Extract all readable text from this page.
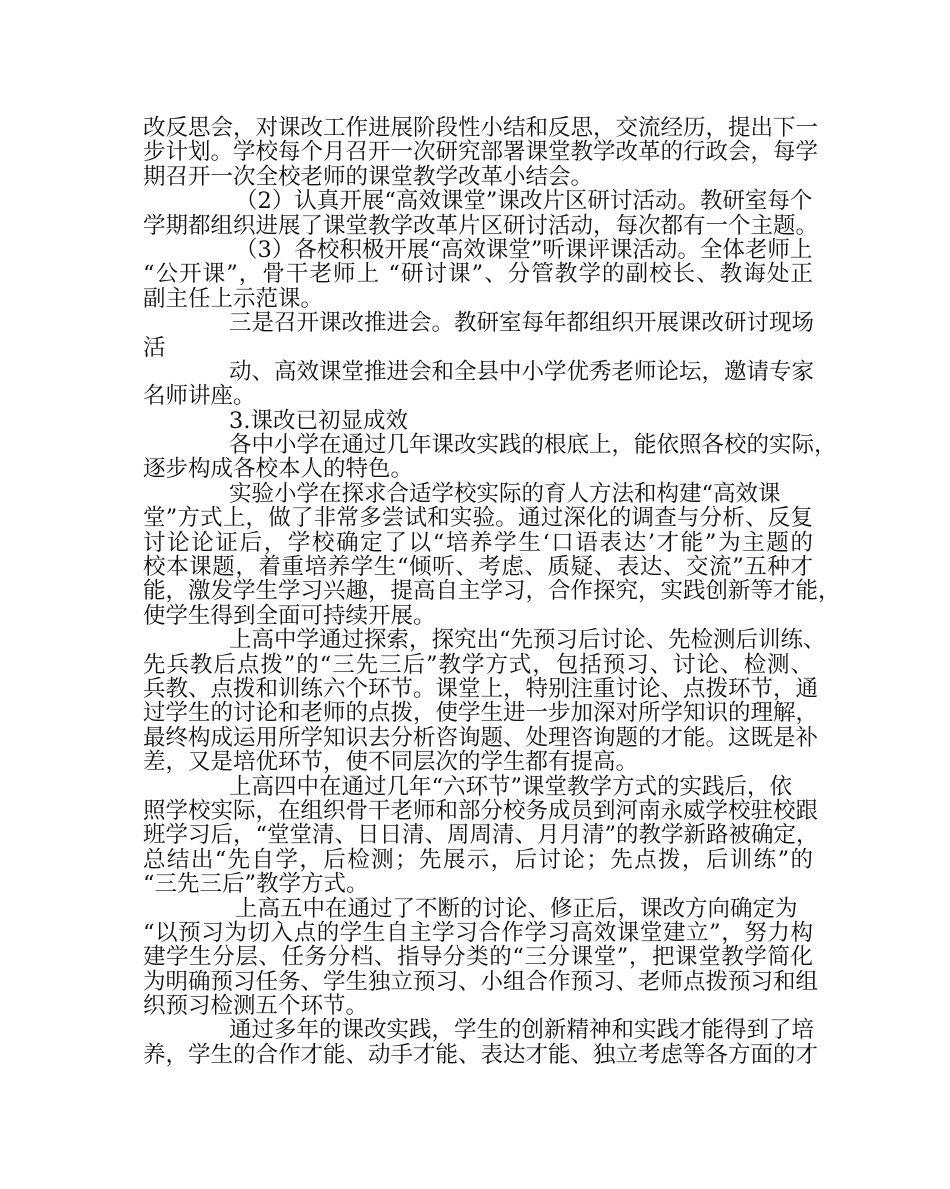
改反思会，对课改工作进展阶段性小结和反思，交流经历，提出下一
步计划。学校每个月召开一次研究部署课堂教学改革的行政会，每学
期召开一次全校老师的课堂教学改革小结会。
（2）认真开展“高效课堂”课改片区研讨活动。教研室每个
学期都组织进展了课堂教学改革片区研讨活动，每次都有一个主题。
（3）各校积极开展“高效课堂”听课评课活动。全体老师上
“公开课”，骨干老师上 “研讨课”、分管教学的副校长、教诲处正
副主任上示范课。
三是召开课改推进会。教研室每年都组织开展课改研讨现场
活
动、高效课堂推进会和全县中小学优秀老师论坛，邀请专家
名师讲座。
3.课改已初显成效
各中小学在通过几年课改实践的根底上，能依照各校的实际，
逐步构成各校本人的特色。
实验小学在探求合适学校实际的育人方法和构建“高效课
堂”方式上，做了非常多尝试和实验。通过深化的调查与分析、反复
讨论论证后，学校确定了以“培养学生‘口语表达’才能”为主题的
校本课题，着重培养学生“倾听、考虑、质疑、表达、交流”五种才
能，激发学生学习兴趣，提高自主学习，合作探究，实践创新等才能，
使学生得到全面可持续开展。
上高中学通过探索，探究出“先预习后讨论、先检测后训练、
先兵教后点拨”的“三先三后”教学方式，包括预习、讨论、检测、
兵教、点拨和训练六个环节。课堂上，特别注重讨论、点拨环节，通
过学生的讨论和老师的点拨，使学生进一步加深对所学知识的理解，
最终构成运用所学知识去分析咨询题、处理咨询题的才能。这既是补
差，又是培优环节，使不同层次的学生都有提高。
上高四中在通过几年“六环节”课堂教学方式的实践后，依
照学校实际，在组织骨干老师和部分校务成员到河南永威学校驻校跟
班学习后，“堂堂清、日日清、周周清、月月清”的教学新路被确定，
总结出“先自学，后检测；先展示，后讨论；先点拨，后训练”的
“三先三后”教学方式。
上高五中在通过了不断的讨论、修正后，课改方向确定为
“以预习为切入点的学生自主学习合作学习高效课堂建立”，努力构
建学生分层、任务分档、指导分类的“三分课堂”，把课堂教学简化
为明确预习任务、学生独立预习、小组合作预习、老师点拨预习和组
织预习检测五个环节。
通过多年的课改实践，学生的创新精神和实践才能得到了培
养，学生的合作才能、动手才能、表达才能、独立考虑等各方面的才
